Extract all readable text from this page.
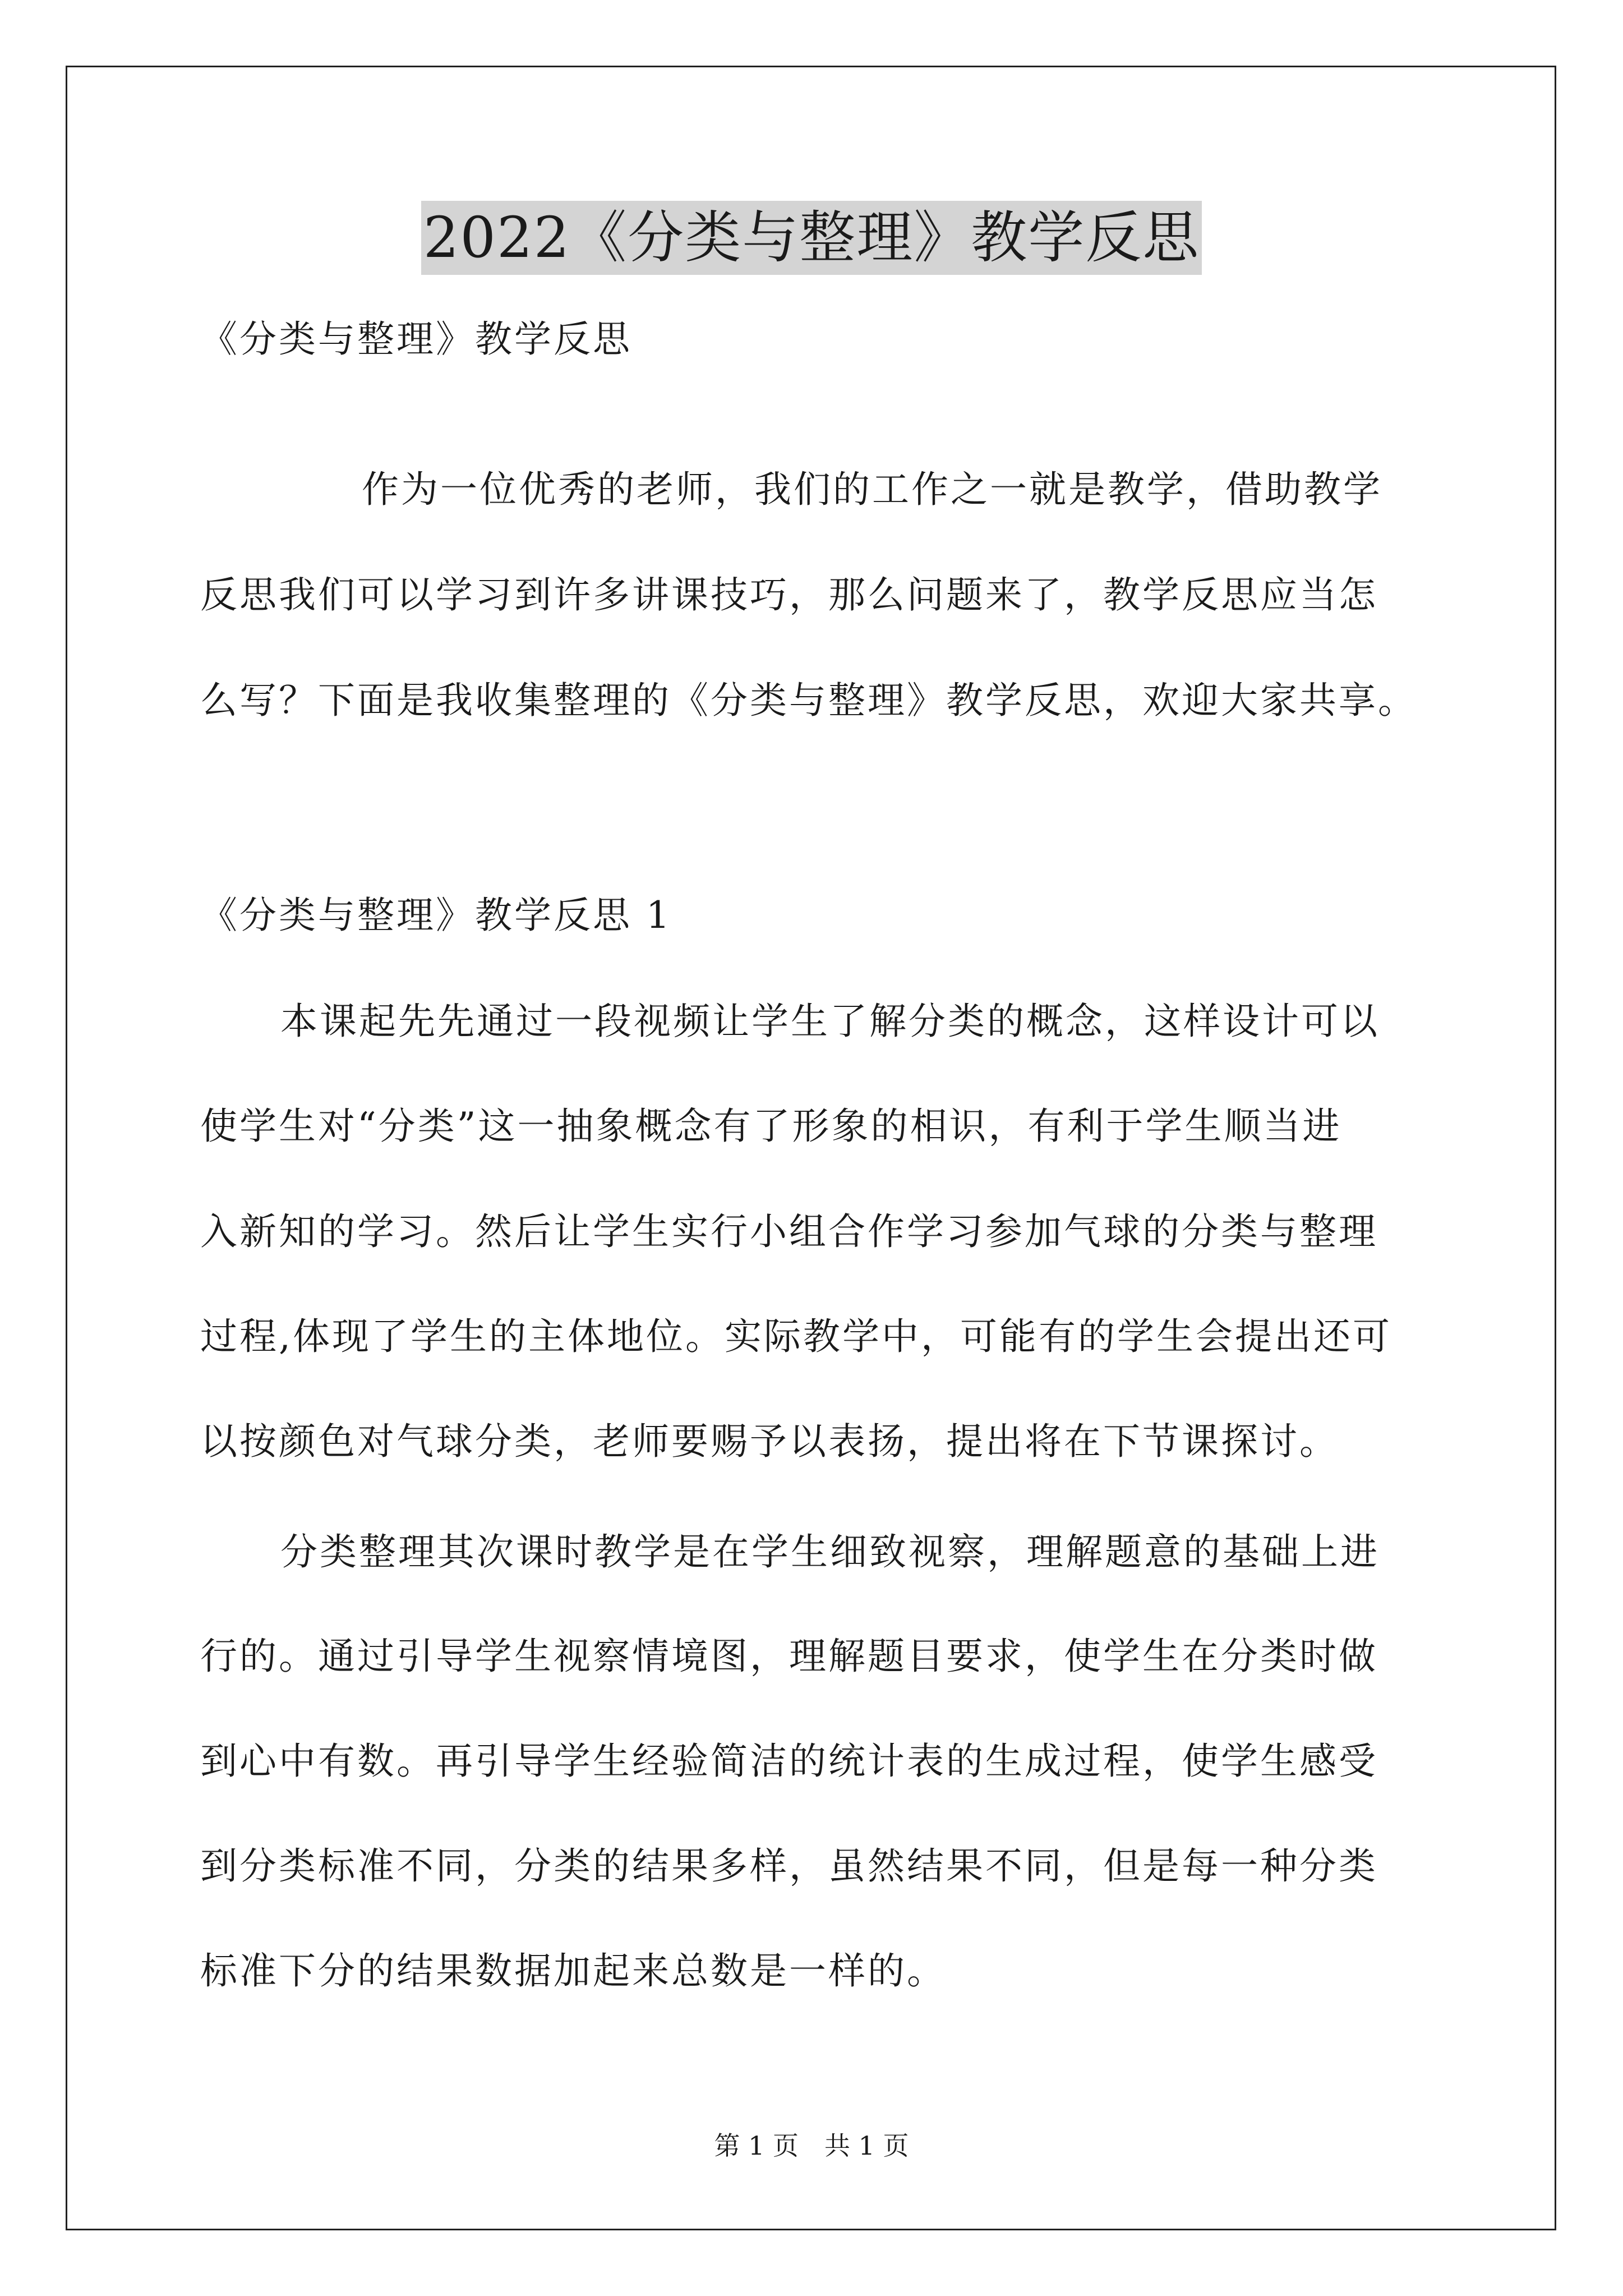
2022《分类与整理》教学反思
《分类与整理》教学反思
作为一位优秀的老师，我们的工作之一就是教学，借助教学
反思我们可以学习到许多讲课技巧，那么问题来了，教学反思应当怎
么写？下面是我收集整理的《分类与整理》教学反思，欢迎大家共享。
《分类与整理》教学反思 1
本课起先先通过一段视频让学生了解分类的概念，这样设计可以
使学生对“分类”这一抽象概念有了形象的相识，有利于学生顺当进
入新知的学习。然后让学生实行小组合作学习参加气球的分类与整理
过程,体现了学生的主体地位。实际教学中，可能有的学生会提出还可
以按颜色对气球分类，老师要赐予以表扬，提出将在下节课探讨。
分类整理其次课时教学是在学生细致视察，理解题意的基础上进
行的。通过引导学生视察情境图，理解题目要求，使学生在分类时做
到心中有数。再引导学生经验简洁的统计表的生成过程，使学生感受
到分类标准不同，分类的结果多样，虽然结果不同，但是每一种分类
标准下分的结果数据加起来总数是一样的。
第 1 页　共 1 页
